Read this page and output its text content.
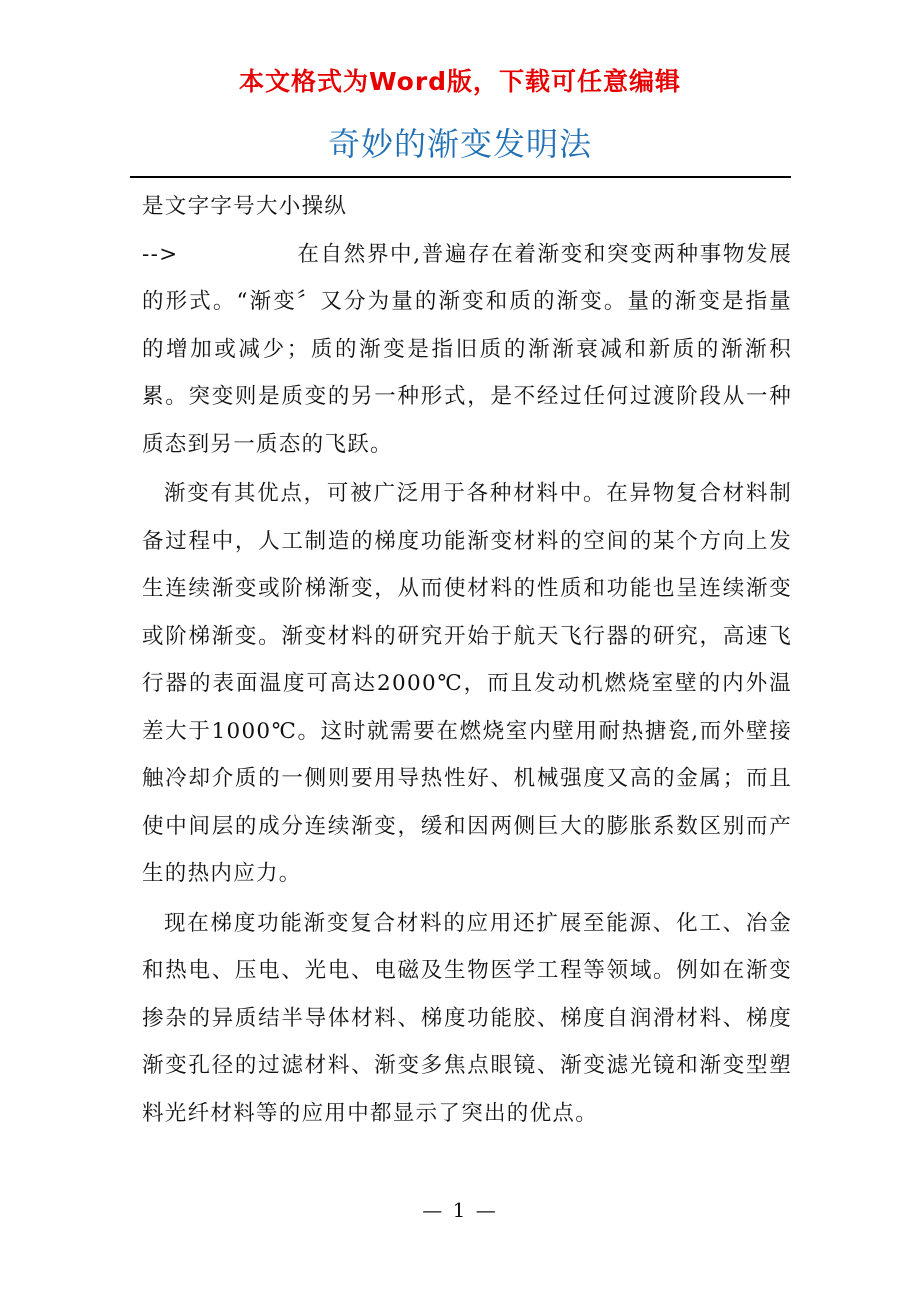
本文格式为Word版，下载可任意编辑
奇妙的渐变发明法

是文字字号大小操纵

-->	在自然界中,普遍存在着渐变和突变两种事物发展的形式。“渐变〞又分为量的渐变和质的渐变。量的渐变是指量的增加或减少；质的渐变是指旧质的渐渐衰减和新质的渐渐积累。突变则是质变的另一种形式，是不经过任何过渡阶段从一种质态到另一质态的飞跃。

渐变有其优点，可被广泛用于各种材料中。在异物复合材料制备过程中，人工制造的梯度功能渐变材料的空间的某个方向上发生连续渐变或阶梯渐变，从而使材料的性质和功能也呈连续渐变或阶梯渐变。渐变材料的研究开始于航天飞行器的研究，高速飞行器的表面温度可高达2000℃，而且发动机燃烧室壁的内外温差大于1000℃。这时就需要在燃烧室内壁用耐热搪瓷,而外壁接触冷却介质的一侧则要用导热性好、机械强度又高的金属；而且使中间层的成分连续渐变，缓和因两侧巨大的膨胀系数区别而产生的热内应力。

现在梯度功能渐变复合材料的应用还扩展至能源、化工、冶金和热电、压电、光电、电磁及生物医学工程等领域。例如在渐变掺杂的异质结半导体材料、梯度功能胶、梯度自润滑材料、梯度渐变孔径的过滤材料、渐变多焦点眼镜、渐变滤光镜和渐变型塑料光纤材料等的应用中都显示了突出的优点。

— 1 —
